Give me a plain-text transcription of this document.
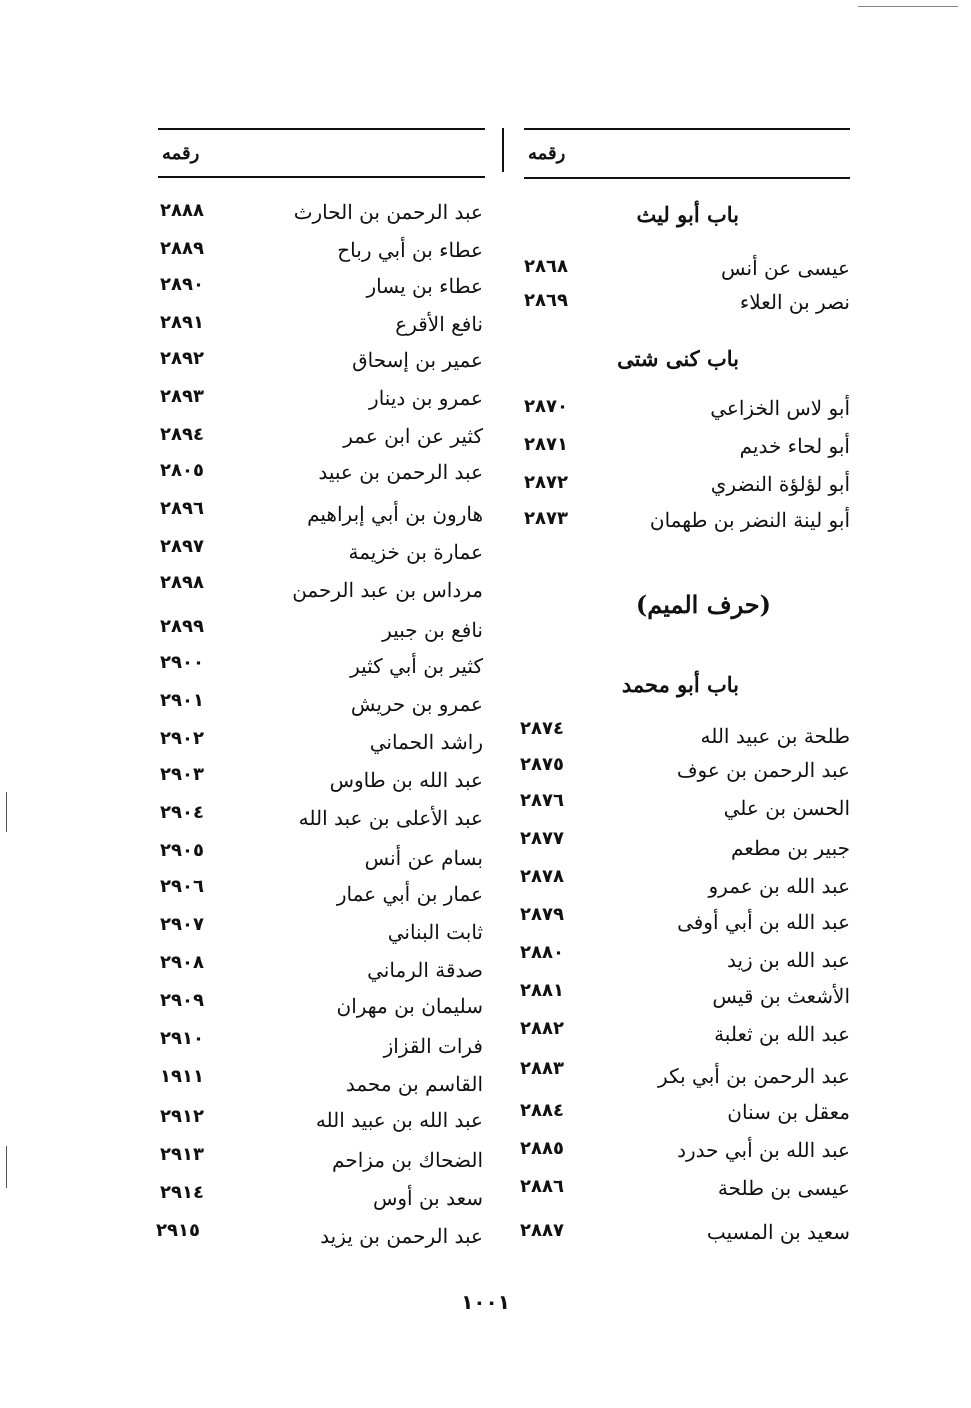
رقمه	رقمه
باب أبو ليث
عيسى عن أنس
٢٨٦٨
نصر بن العلاء
٢٨٦٩
باب كنى شتى
أبو لاس الخزاعي
٢٨٧٠
أبو لحاء خديم
٢٨٧١
أبو لؤلؤة النضري
٢٨٧٢
أبو لينة النضر بن طهمان
٢٨٧٣
(حرف الميم)
باب أبو محمد
طلحة بن عبيد الله
٢٨٧٤
عبد الرحمن بن عوف
٢٨٧٥
الحسن بن علي
٢٨٧٦
جبير بن مطعم
٢٨٧٧
عبد الله بن عمرو
٢٨٧٨
عبد الله بن أبي أوفى
٢٨٧٩
عبد الله بن زيد
٢٨٨٠
الأشعث بن قيس
٢٨٨١
عبد الله بن ثعلبة
٢٨٨٢
عبد الرحمن بن أبي بكر
٢٨٨٣
معقل بن سنان
٢٨٨٤
عبد الله بن أبي حدرد
٢٨٨٥
عيسى بن طلحة
٢٨٨٦
سعيد بن المسيب
٢٨٨٧
عبد الرحمن بن الحارث
٢٨٨٨
عطاء بن أبي رباح
٢٨٨٩
عطاء بن يسار
٢٨٩٠
نافع الأقرع
٢٨٩١
عمير بن إسحاق
٢٨٩٢
عمرو بن دينار
٢٨٩٣
كثير عن ابن عمر
٢٨٩٤
عبد الرحمن بن عبيد
٢٨٠٥
هارون بن أبي إبراهيم
٢٨٩٦
عمارة بن خزيمة
٢٨٩٧
مرداس بن عبد الرحمن
٢٨٩٨
نافع بن جبير
٢٨٩٩
كثير بن أبي كثير
٢٩٠٠
عمرو بن حريش
٢٩٠١
راشد الحماني
٢٩٠٢
عبد الله بن طاوس
٢٩٠٣
عبد الأعلى بن عبد الله
٢٩٠٤
بسام عن أنس
٢٩٠٥
عمار بن أبي عمار
٢٩٠٦
ثابت البناني
٢٩٠٧
صدقة الرماني
٢٩٠٨
سليمان بن مهران
٢٩٠٩
فرات القزاز
٢٩١٠
القاسم بن محمد
١٩١١
عبد الله بن عبيد الله
٢٩١٢
الضحاك بن مزاحم
٢٩١٣
سعد بن أوس
٢٩١٤
عبد الرحمن بن يزيد
٢٩١٥
١٠٠١
